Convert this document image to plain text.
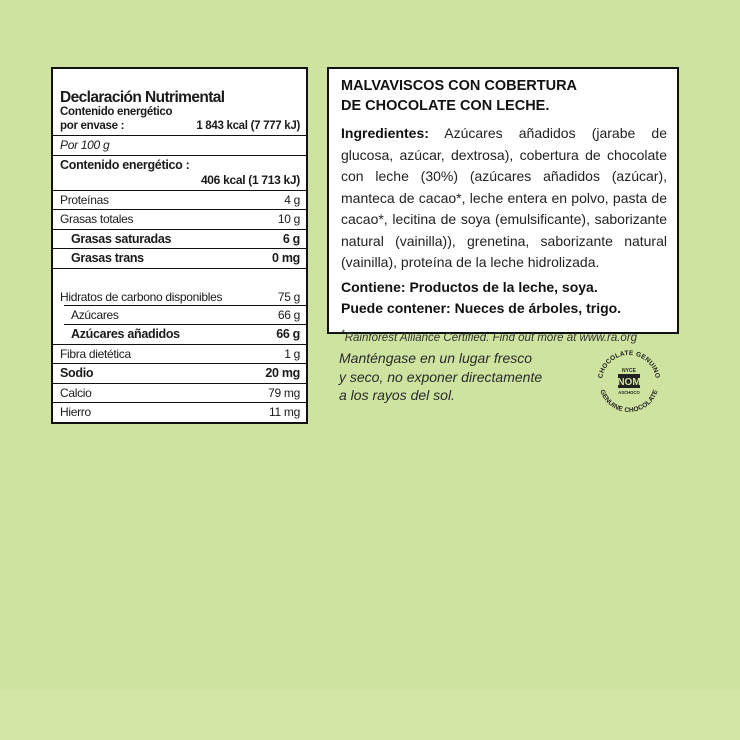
Declaración Nutrimental
Contenido energético
por envase :	1 843 kcal (7 777 kJ)
Por 100 g
Contenido energético :
406 kcal (1 713 kJ)
Proteínas	4 g
Grasas totales	10 g
Grasas saturadas	6 g
Grasas trans	0 mg
Hidratos de carbono disponibles	75 g
Azúcares	66 g
Azúcares añadidos	66 g
Fibra dietética	1 g
Sodio	20 mg
Calcio	79 mg
Hierro	11 mg
MALVAVISCOS CON COBERTURA
DE CHOCOLATE CON LECHE.

Ingredientes: Azúcares añadidos (jarabe de glucosa, azúcar, dextrosa), cobertura de chocolate con leche (30%) (azúcares añadidos (azúcar), manteca de cacao*, leche entera en polvo, pasta de cacao*, lecitina de soya (emulsificante), saborizante natural (vainilla)), grenetina, saborizante natural (vainilla), proteína de la leche hidrolizada.

Contiene: Productos de la leche, soya.

Puede contener: Nueces de árboles, trigo.

*Rainforest Alliance Certified. Find out more at www.ra.org
Manténgase en un lugar fresco
y seco, no exponer directamente
a los rayos del sol.
CHOCOLATE GENUINO
GENUINE CHOCOLATE
NYCE
NOM
ASCHOCO
